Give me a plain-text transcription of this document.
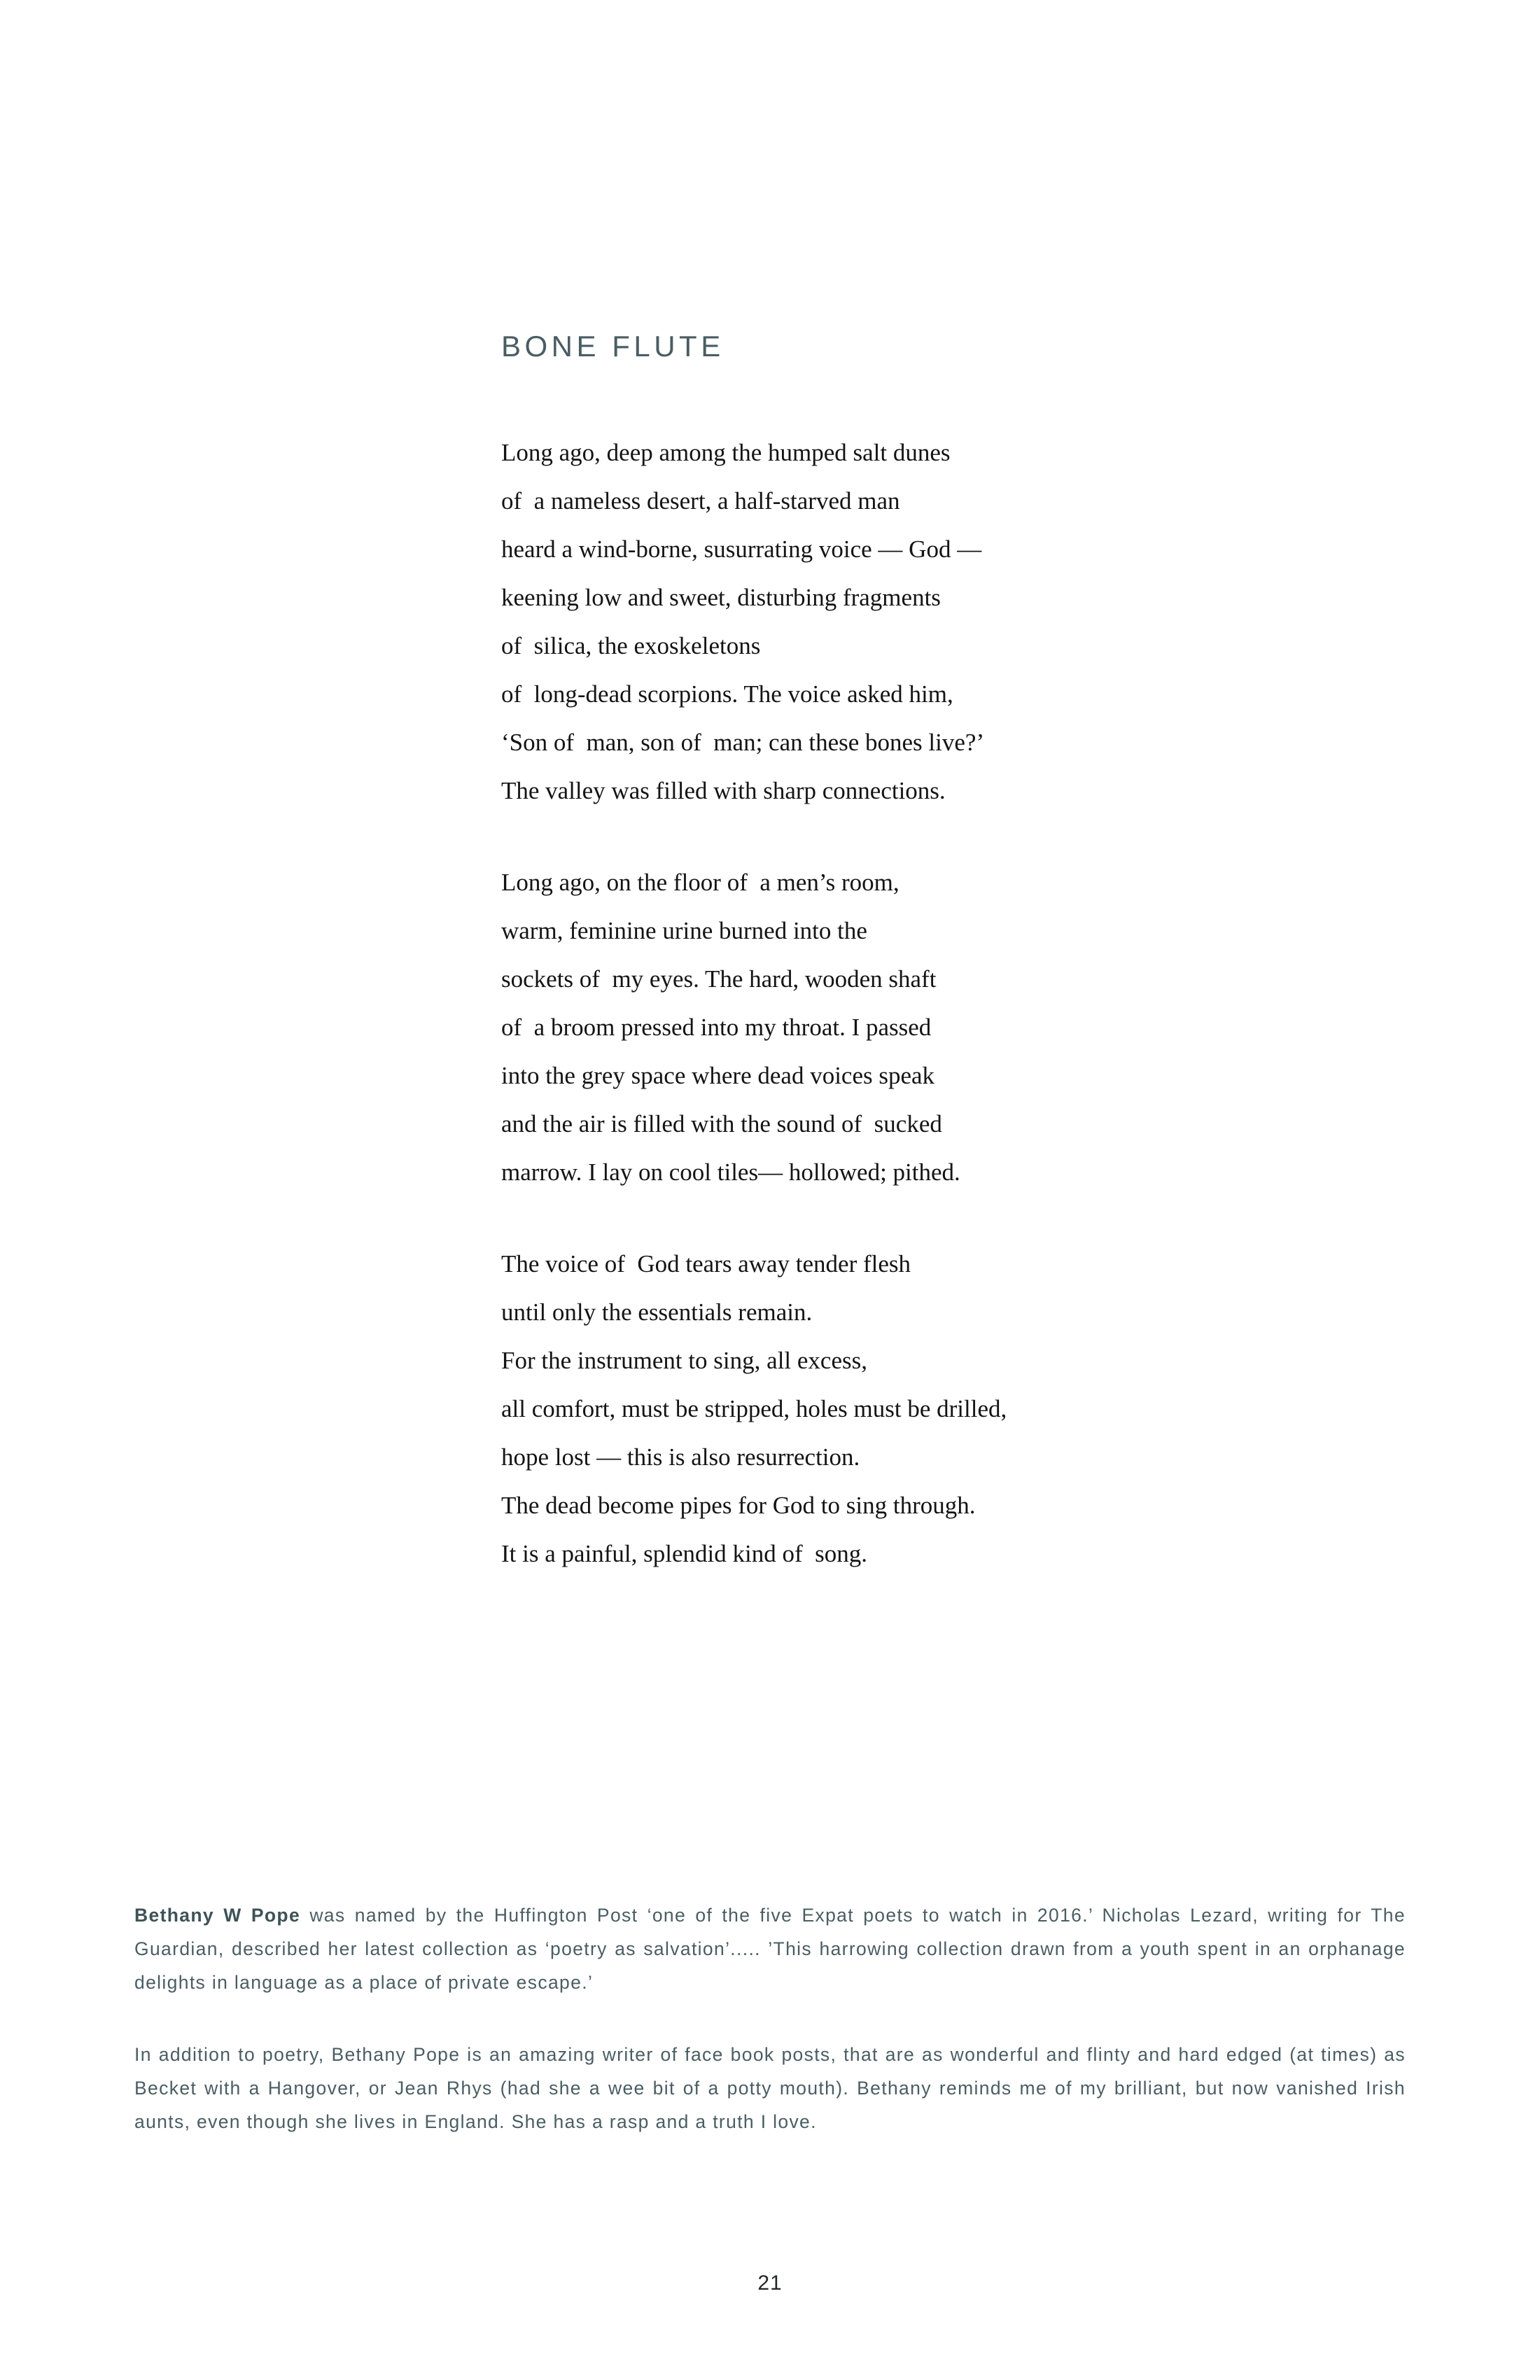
BONE FLUTE

Long ago, deep among the humped salt dunes

of  a nameless desert, a half-starved man

heard a wind-borne, susurrating voice — God —

keening low and sweet, disturbing fragments

of  silica, the exoskeletons

of  long-dead scorpions. The voice asked him,

‘Son of  man, son of  man; can these bones live?’

The valley was filled with sharp connections.

Long ago, on the floor of  a men’s room,

warm, feminine urine burned into the

sockets of  my eyes. The hard, wooden shaft

of  a broom pressed into my throat. I passed

into the grey space where dead voices speak

and the air is filled with the sound of  sucked

marrow. I lay on cool tiles— hollowed; pithed.

The voice of  God tears away tender flesh

until only the essentials remain.

For the instrument to sing, all excess,

all comfort, must be stripped, holes must be drilled,

hope lost — this is also resurrection.

The dead become pipes for God to sing through.

It is a painful, splendid kind of  song.

Bethany W Pope was named by the Huffington Post ‘one of the five Expat poets to watch in 2016.’ Nicholas Lezard, writing for The Guardian, described her latest collection as ‘poetry as salvation’..... ’This harrowing collection drawn from a youth spent in an orphanage delights in language as a place of private escape.’

In addition to poetry, Bethany Pope is an amazing writer of face book posts, that are as wonderful and flinty and hard edged (at times) as Becket with a Hangover, or Jean Rhys (had she a wee bit of a potty mouth). Bethany reminds me of my brilliant, but now vanished Irish aunts, even though she lives in England. She has a rasp and a truth I love.

21
